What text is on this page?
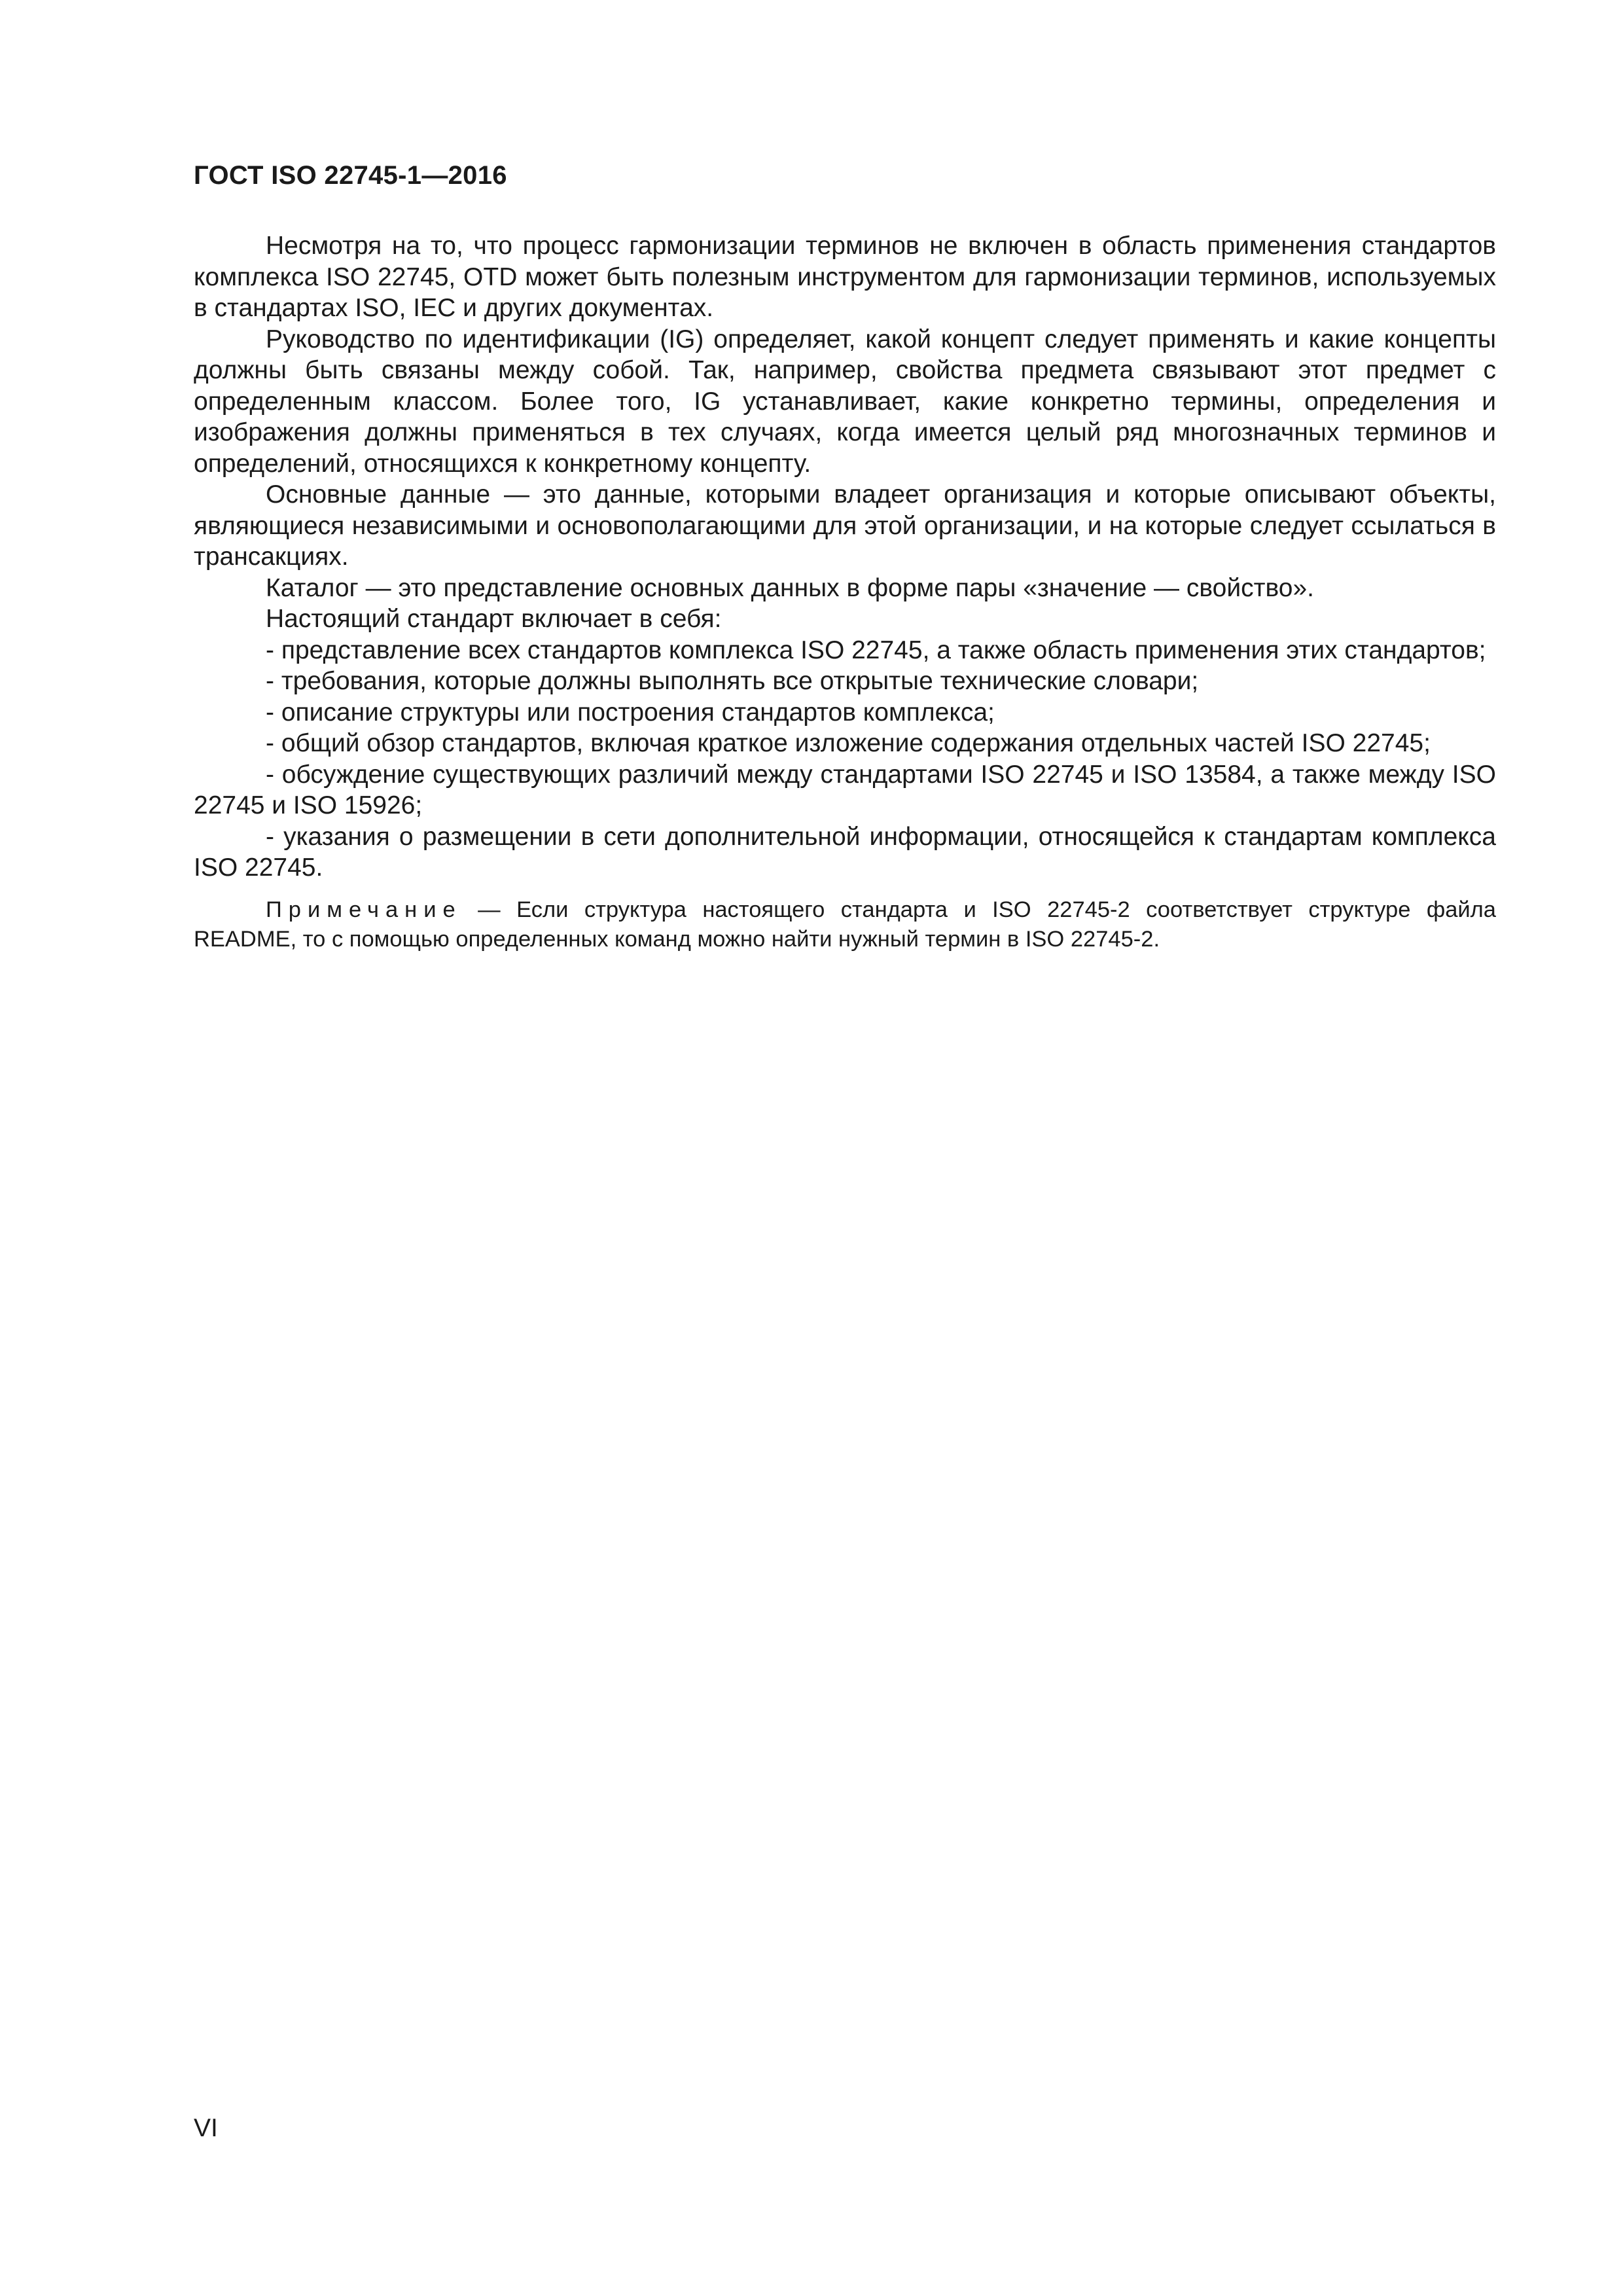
ГОСТ ISO 22745-1—2016

Несмотря на то, что процесс гармонизации терминов не включен в область применения стандартов комплекса ISO 22745, OTD может быть полезным инструментом для гармонизации терминов, используемых в стандартах ISO, IEC и других документах.

Руководство по идентификации (IG) определяет, какой концепт следует применять и какие концепты должны быть связаны между собой. Так, например, свойства предмета связывают этот предмет с определенным классом. Более того, IG устанавливает, какие конкретно термины, определения и изображения должны применяться в тех случаях, когда имеется целый ряд многозначных терминов и определений, относящихся к конкретному концепту.

Основные данные — это данные, которыми владеет организация и которые описывают объекты, являющиеся независимыми и основополагающими для этой организации, и на которые следует ссылаться в трансакциях.

Каталог — это представление основных данных в форме пары «значение — свойство».

Настоящий стандарт включает в себя:

- представление всех стандартов комплекса ISO 22745, а также область применения этих стандартов;

- требования, которые должны выполнять все открытые технические словари;

- описание структуры или построения стандартов комплекса;

- общий обзор стандартов, включая краткое изложение содержания отдельных частей ISO 22745;

- обсуждение существующих различий между стандартами ISO 22745 и ISO 13584, а также между ISO 22745 и ISO 15926;

- указания о размещении в сети дополнительной информации, относящейся к стандартам комплекса ISO 22745.

Примечание — Если структура настоящего стандарта и ISO 22745-2 соответствует структуре файла README, то с помощью определенных команд можно найти нужный термин в ISO 22745-2.

VI
